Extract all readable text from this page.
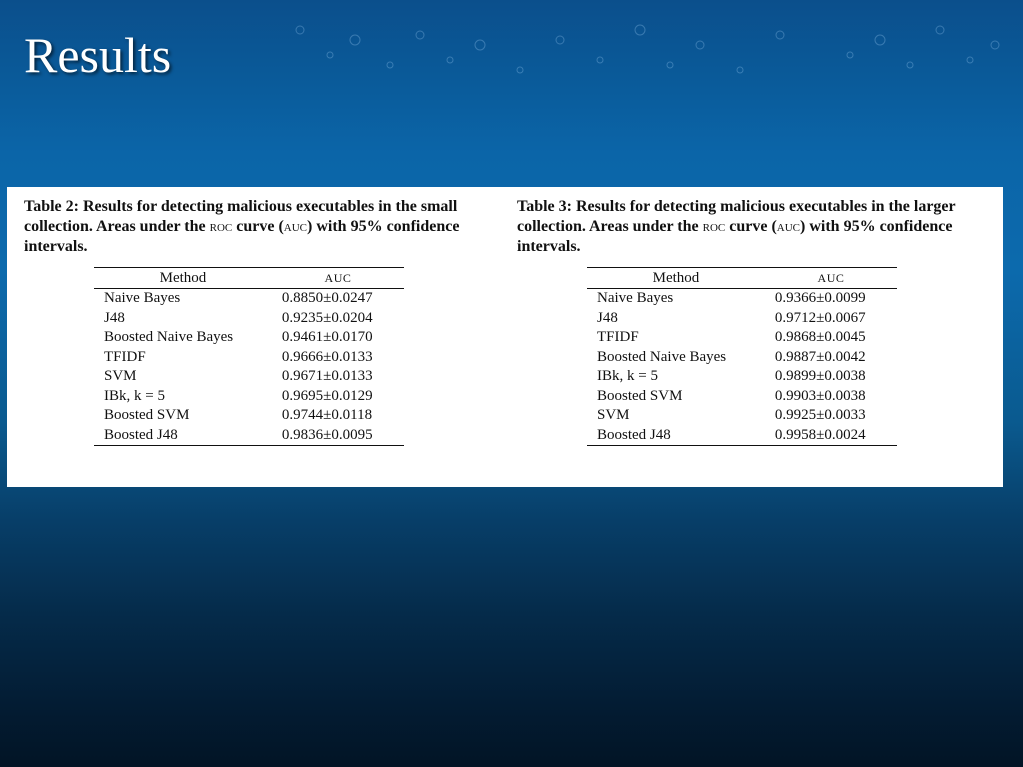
Results

Table 2: Results for detecting malicious executables in the small collection. Areas under the roc curve (auc) with 95% confidence intervals.

Method	AUC
Naive Bayes	0.8850±0.0247
J48	0.9235±0.0204
Boosted Naive Bayes	0.9461±0.0170
TFIDF	0.9666±0.0133
SVM	0.9671±0.0133
IBk, k = 5	0.9695±0.0129
Boosted SVM	0.9744±0.0118
Boosted J48	0.9836±0.0095

Table 3: Results for detecting malicious executables in the larger collection. Areas under the roc curve (auc) with 95% confidence intervals.

Method	AUC
Naive Bayes	0.9366±0.0099
J48	0.9712±0.0067
TFIDF	0.9868±0.0045
Boosted Naive Bayes	0.9887±0.0042
IBk, k = 5	0.9899±0.0038
Boosted SVM	0.9903±0.0038
SVM	0.9925±0.0033
Boosted J48	0.9958±0.0024
